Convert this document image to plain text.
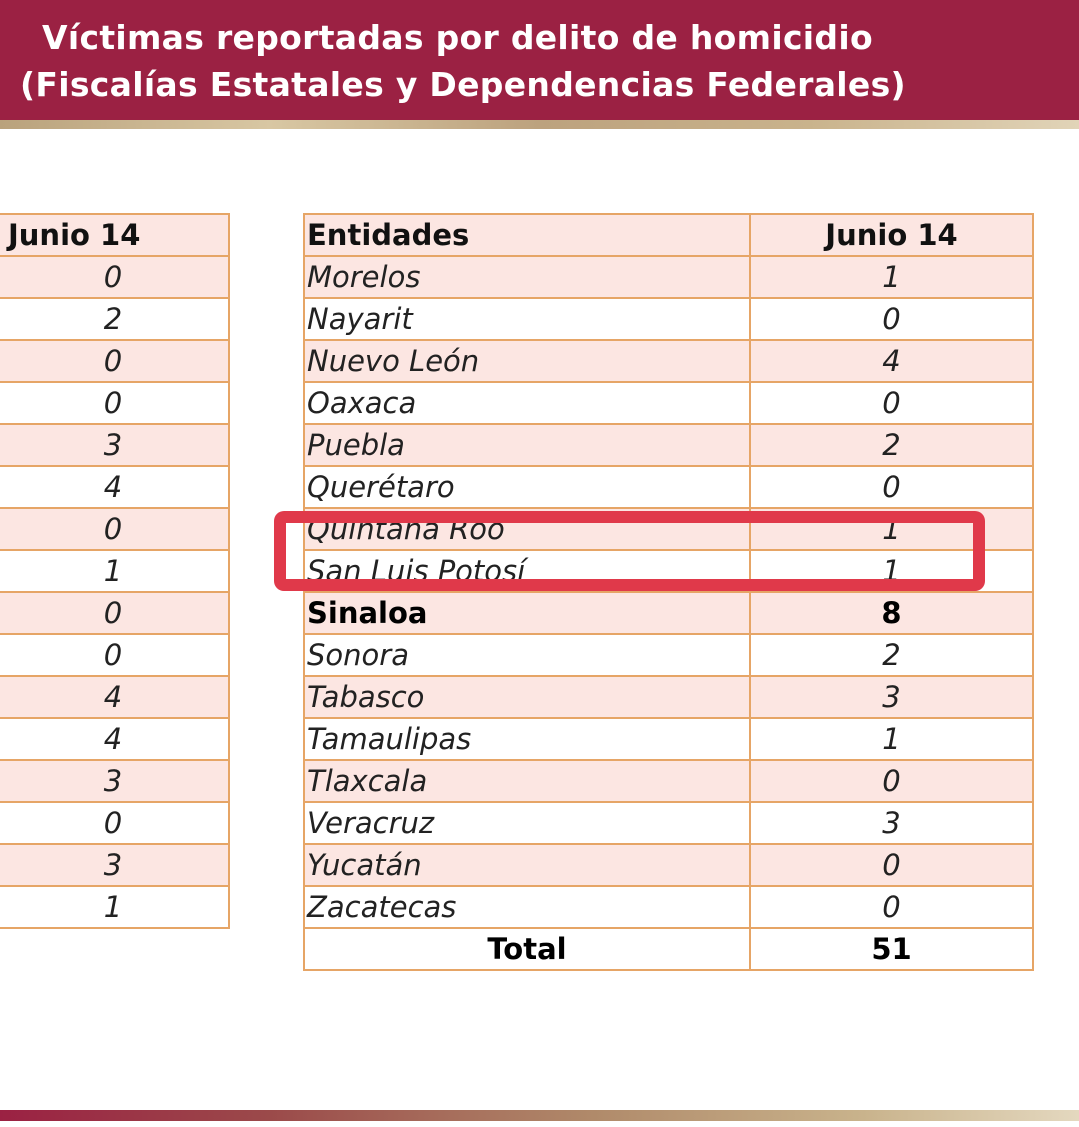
Víctimas reportadas por delito de homicidio
(Fiscalías Estatales y Dependencias Federales)
Junio 14
0
2
0
0
3
4
0
1
0
0
4
4
3
0
3
1
Entidades	Junio 14
Morelos	1
Nayarit	0
Nuevo León	4
Oaxaca	0
Puebla	2
Querétaro	0
Quintana Roo	1
San Luis Potosí	1
Sinaloa	8
Sonora	2
Tabasco	3
Tamaulipas	1
Tlaxcala	0
Veracruz	3
Yucatán	0
Zacatecas	0
Total	51
